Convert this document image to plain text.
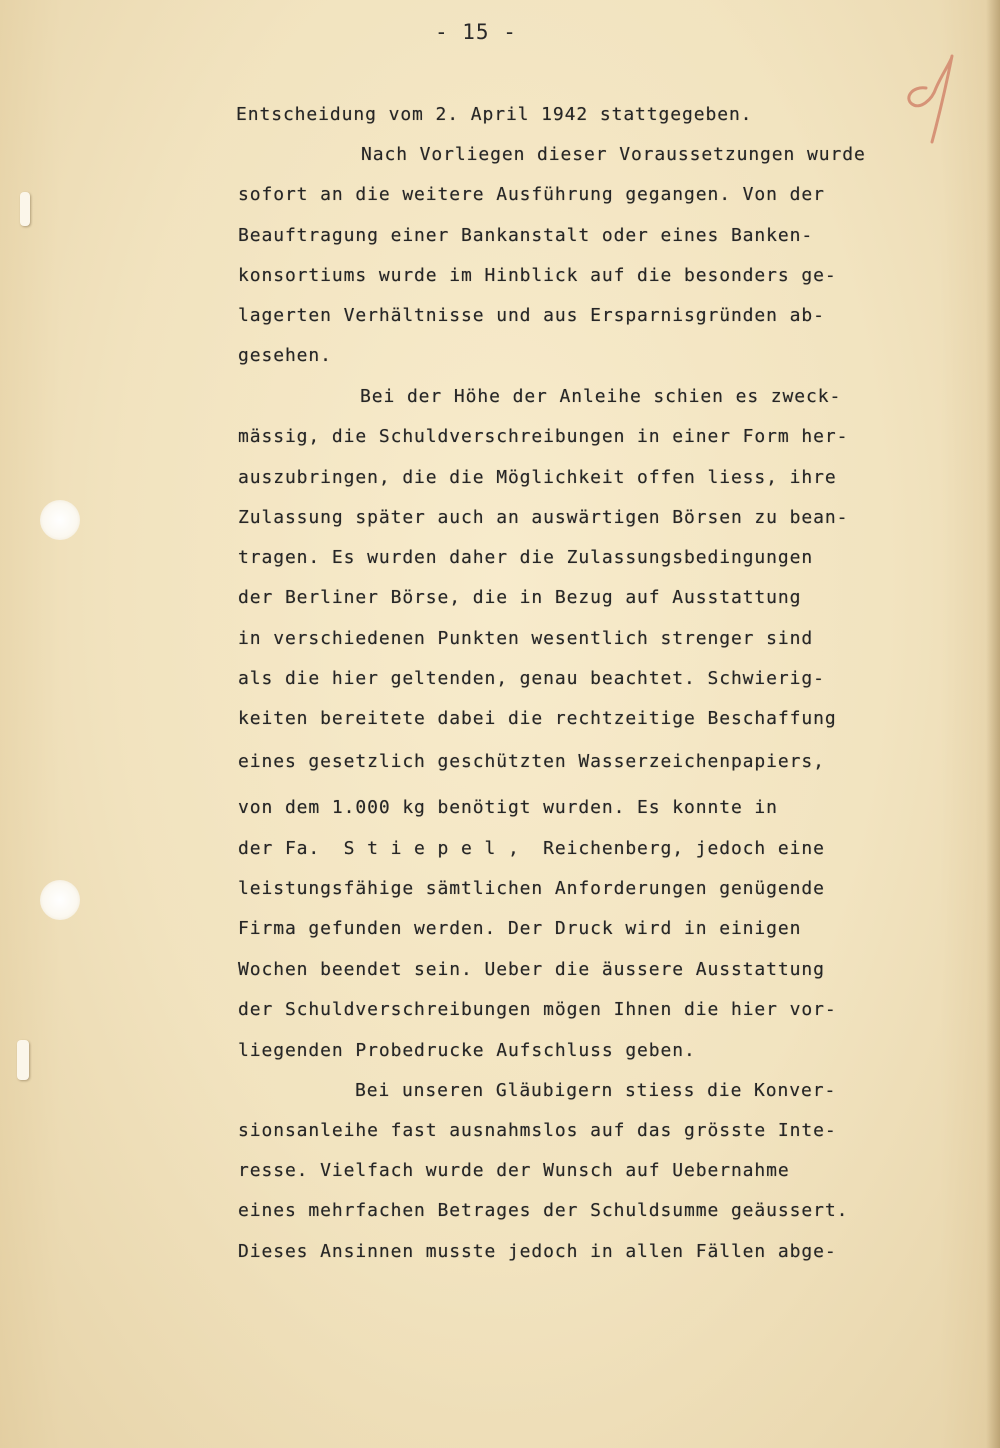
- 15 -
9
Entscheidung vom 2. April 1942 stattgegeben.
Nach Vorliegen dieser Voraussetzungen wurde
sofort an die weitere Ausführung gegangen. Von der
Beauftragung einer Bankanstalt oder eines Banken-
konsortiums wurde im Hinblick auf die besonders ge-
lagerten Verhältnisse und aus Ersparnisgründen ab-
gesehen.
Bei der Höhe der Anleihe schien es zweck-
mässig, die Schuldverschreibungen in einer Form her-
auszubringen, die die Möglichkeit offen liess, ihre
Zulassung später auch an auswärtigen Börsen zu bean-
tragen. Es wurden daher die Zulassungsbedingungen
der Berliner Börse, die in Bezug auf Ausstattung
in verschiedenen Punkten wesentlich strenger sind
als die hier geltenden, genau beachtet. Schwierig-
keiten bereitete dabei die rechtzeitige Beschaffung
eines gesetzlich geschützten Wasserzeichenpapiers,
von dem 1.000 kg benötigt wurden. Es konnte in
der Fa.  S t i e p e l ,  Reichenberg, jedoch eine
leistungsfähige sämtlichen Anforderungen genügende
Firma gefunden werden. Der Druck wird in einigen
Wochen beendet sein. Ueber die äussere Ausstattung
der Schuldverschreibungen mögen Ihnen die hier vor-
liegenden Probedrucke Aufschluss geben.
Bei unseren Gläubigern stiess die Konver-
sionsanleihe fast ausnahmslos auf das grösste Inte-
resse. Vielfach wurde der Wunsch auf Uebernahme
eines mehrfachen Betrages der Schuldsumme geäussert.
Dieses Ansinnen musste jedoch in allen Fällen abge-
